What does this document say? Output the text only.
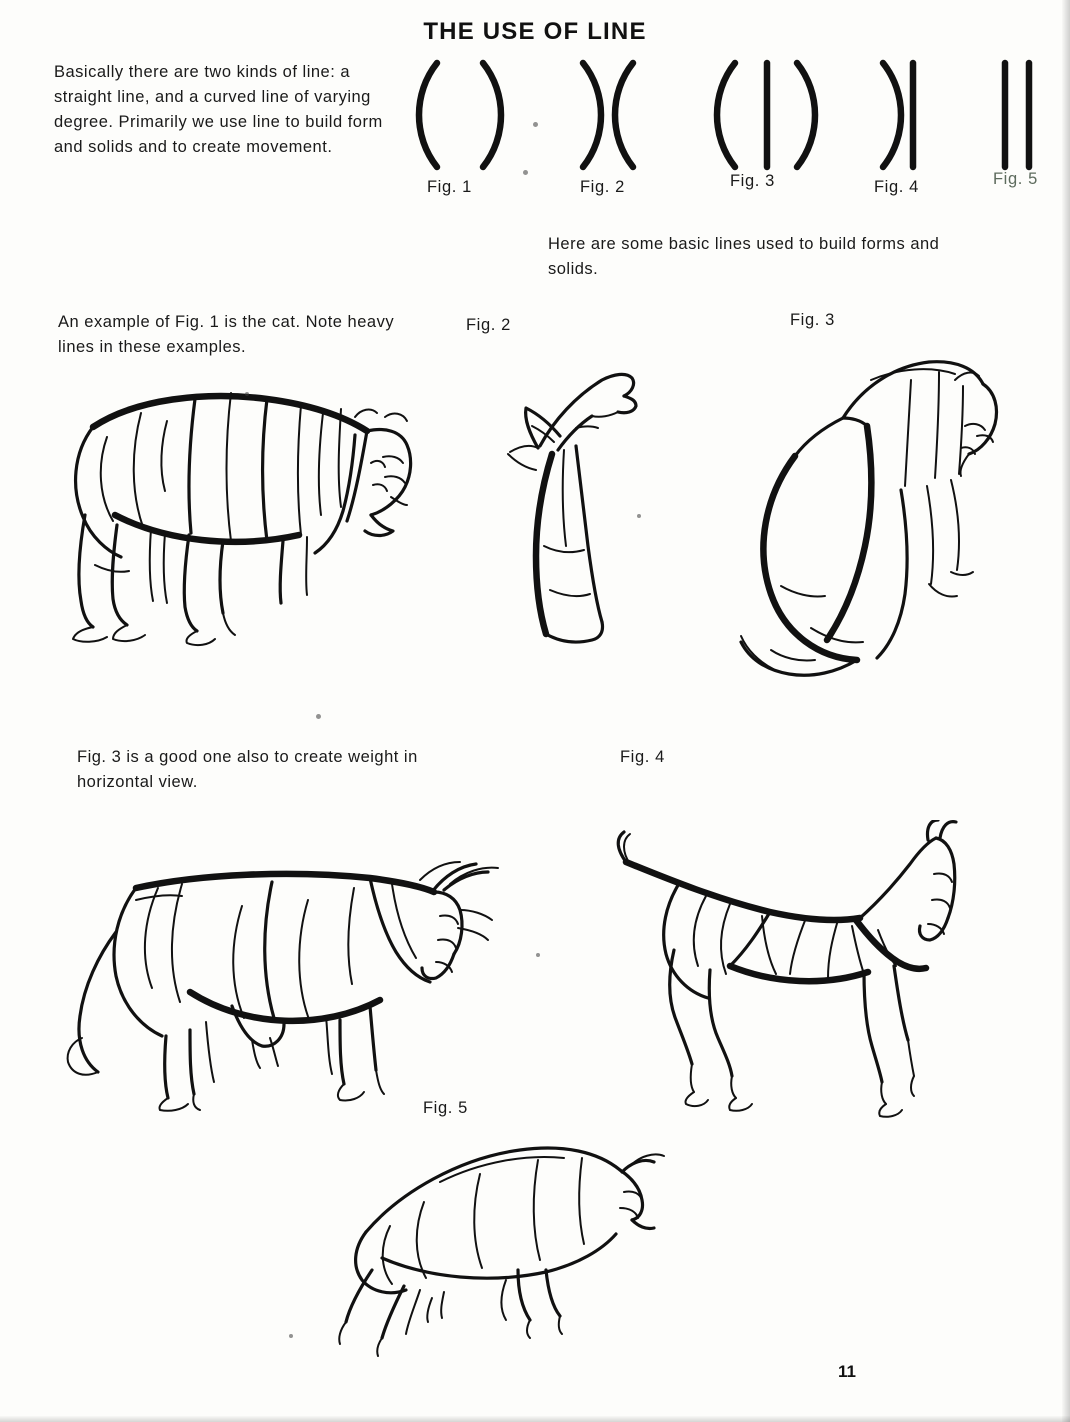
THE USE OF LINE
Basically there are two kinds of line: a straight line, and a curved line of varying degree. Primarily we use line to build form and solids and to create movement.
Fig. 1	Fig. 2	Fig. 3	Fig. 4	Fig. 5
Here are some basic lines used to build forms and solids.
An example of Fig. 1 is the cat. Note heavy lines in these examples.
Fig. 2	Fig. 3
Fig. 4
Fig. 5
Fig. 3 is a good one also to create weight in horizontal view.
11
